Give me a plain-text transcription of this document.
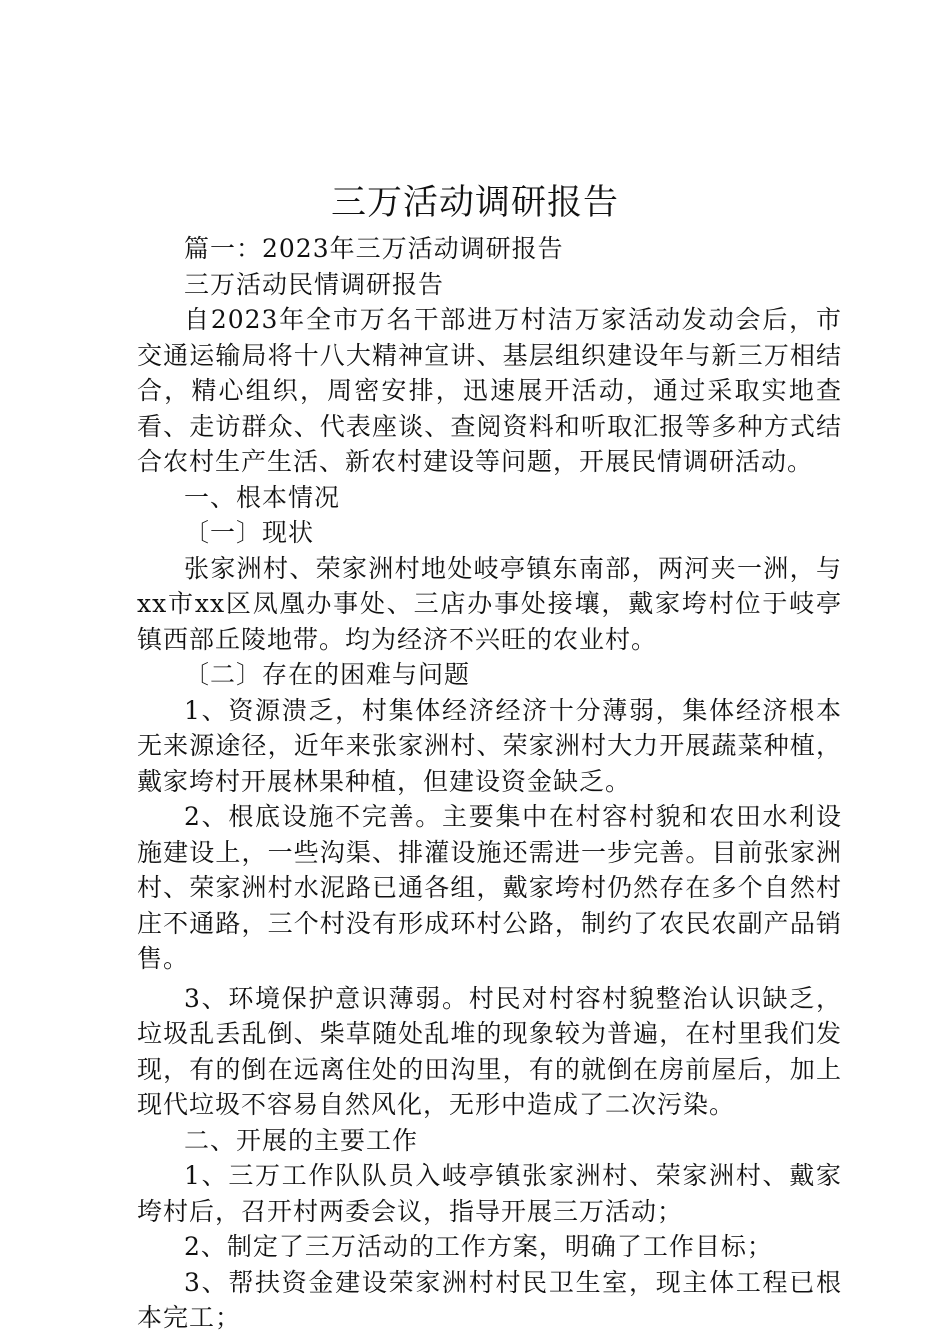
三万活动调研报告

篇一：2023年三万活动调研报告

三万活动民情调研报告

自2023年全市万名干部进万村洁万家活动发动会后，市交通运输局将十八大精神宣讲、基层组织建设年与新三万相结合，精心组织，周密安排，迅速展开活动，通过采取实地查看、走访群众、代表座谈、查阅资料和听取汇报等多种方式结合农村生产生活、新农村建设等问题，开展民情调研活动。

一、根本情况

〔一〕现状

张家洲村、荣家洲村地处岐亭镇东南部，两河夹一洲，与xx市xx区凤凰办事处、三店办事处接壤，戴家垮村位于岐亭镇西部丘陵地带。均为经济不兴旺的农业村。

〔二〕存在的困难与问题

1、资源溃乏，村集体经济经济十分薄弱，集体经济根本无来源途径，近年来张家洲村、荣家洲村大力开展蔬菜种植，戴家垮村开展林果种植，但建设资金缺乏。

2、根底设施不完善。主要集中在村容村貌和农田水利设施建设上，一些沟渠、排灌设施还需进一步完善。目前张家洲村、荣家洲村水泥路已通各组，戴家垮村仍然存在多个自然村庄不通路，三个村没有形成环村公路，制约了农民农副产品销售。

3、环境保护意识薄弱。村民对村容村貌整治认识缺乏，垃圾乱丢乱倒、柴草随处乱堆的现象较为普遍，在村里我们发现，有的倒在远离住处的田沟里，有的就倒在房前屋后，加上现代垃圾不容易自然风化，无形中造成了二次污染。

二、开展的主要工作

1、三万工作队队员入岐亭镇张家洲村、荣家洲村、戴家垮村后，召开村两委会议，指导开展三万活动；

2、制定了三万活动的工作方案，明确了工作目标；

3、帮扶资金建设荣家洲村村民卫生室，现主体工程已根本完工；
